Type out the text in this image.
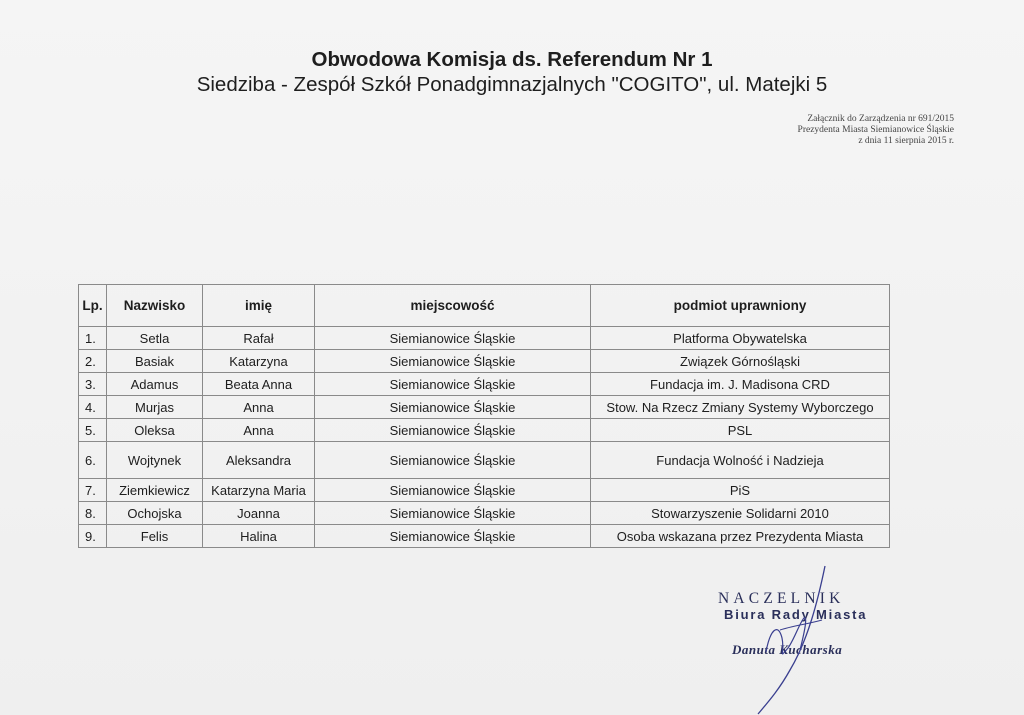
Obwodowa Komisja ds. Referendum Nr 1
Siedziba - Zespół Szkół Ponadgimnazjalnych "COGITO", ul. Matejki 5
Załącznik do Zarządzenia nr 691/2015
Prezydenta Miasta Siemianowice Śląskie
z dnia 11 sierpnia 2015 r.
Lp.	Nazwisko	imię	miejscowość	podmiot uprawniony
1.	Setla	Rafał	Siemianowice Śląskie	Platforma Obywatelska
2.	Basiak	Katarzyna	Siemianowice Śląskie	Związek Górnośląski
3.	Adamus	Beata Anna	Siemianowice Śląskie	Fundacja im. J. Madisona CRD
4.	Murjas	Anna	Siemianowice Śląskie	Stow. Na Rzecz Zmiany Systemy Wyborczego
5.	Oleksa	Anna	Siemianowice Śląskie	PSL
6.	Wojtynek	Aleksandra	Siemianowice Śląskie	Fundacja Wolność i Nadzieja
7.	Ziemkiewicz	Katarzyna Maria	Siemianowice Śląskie	PiS
8.	Ochojska	Joanna	Siemianowice Śląskie	Stowarzyszenie Solidarni 2010
9.	Felis	Halina	Siemianowice Śląskie	Osoba wskazana przez Prezydenta Miasta
NACZELNIK
Biura Rady Miasta
Danuta Kucharska
